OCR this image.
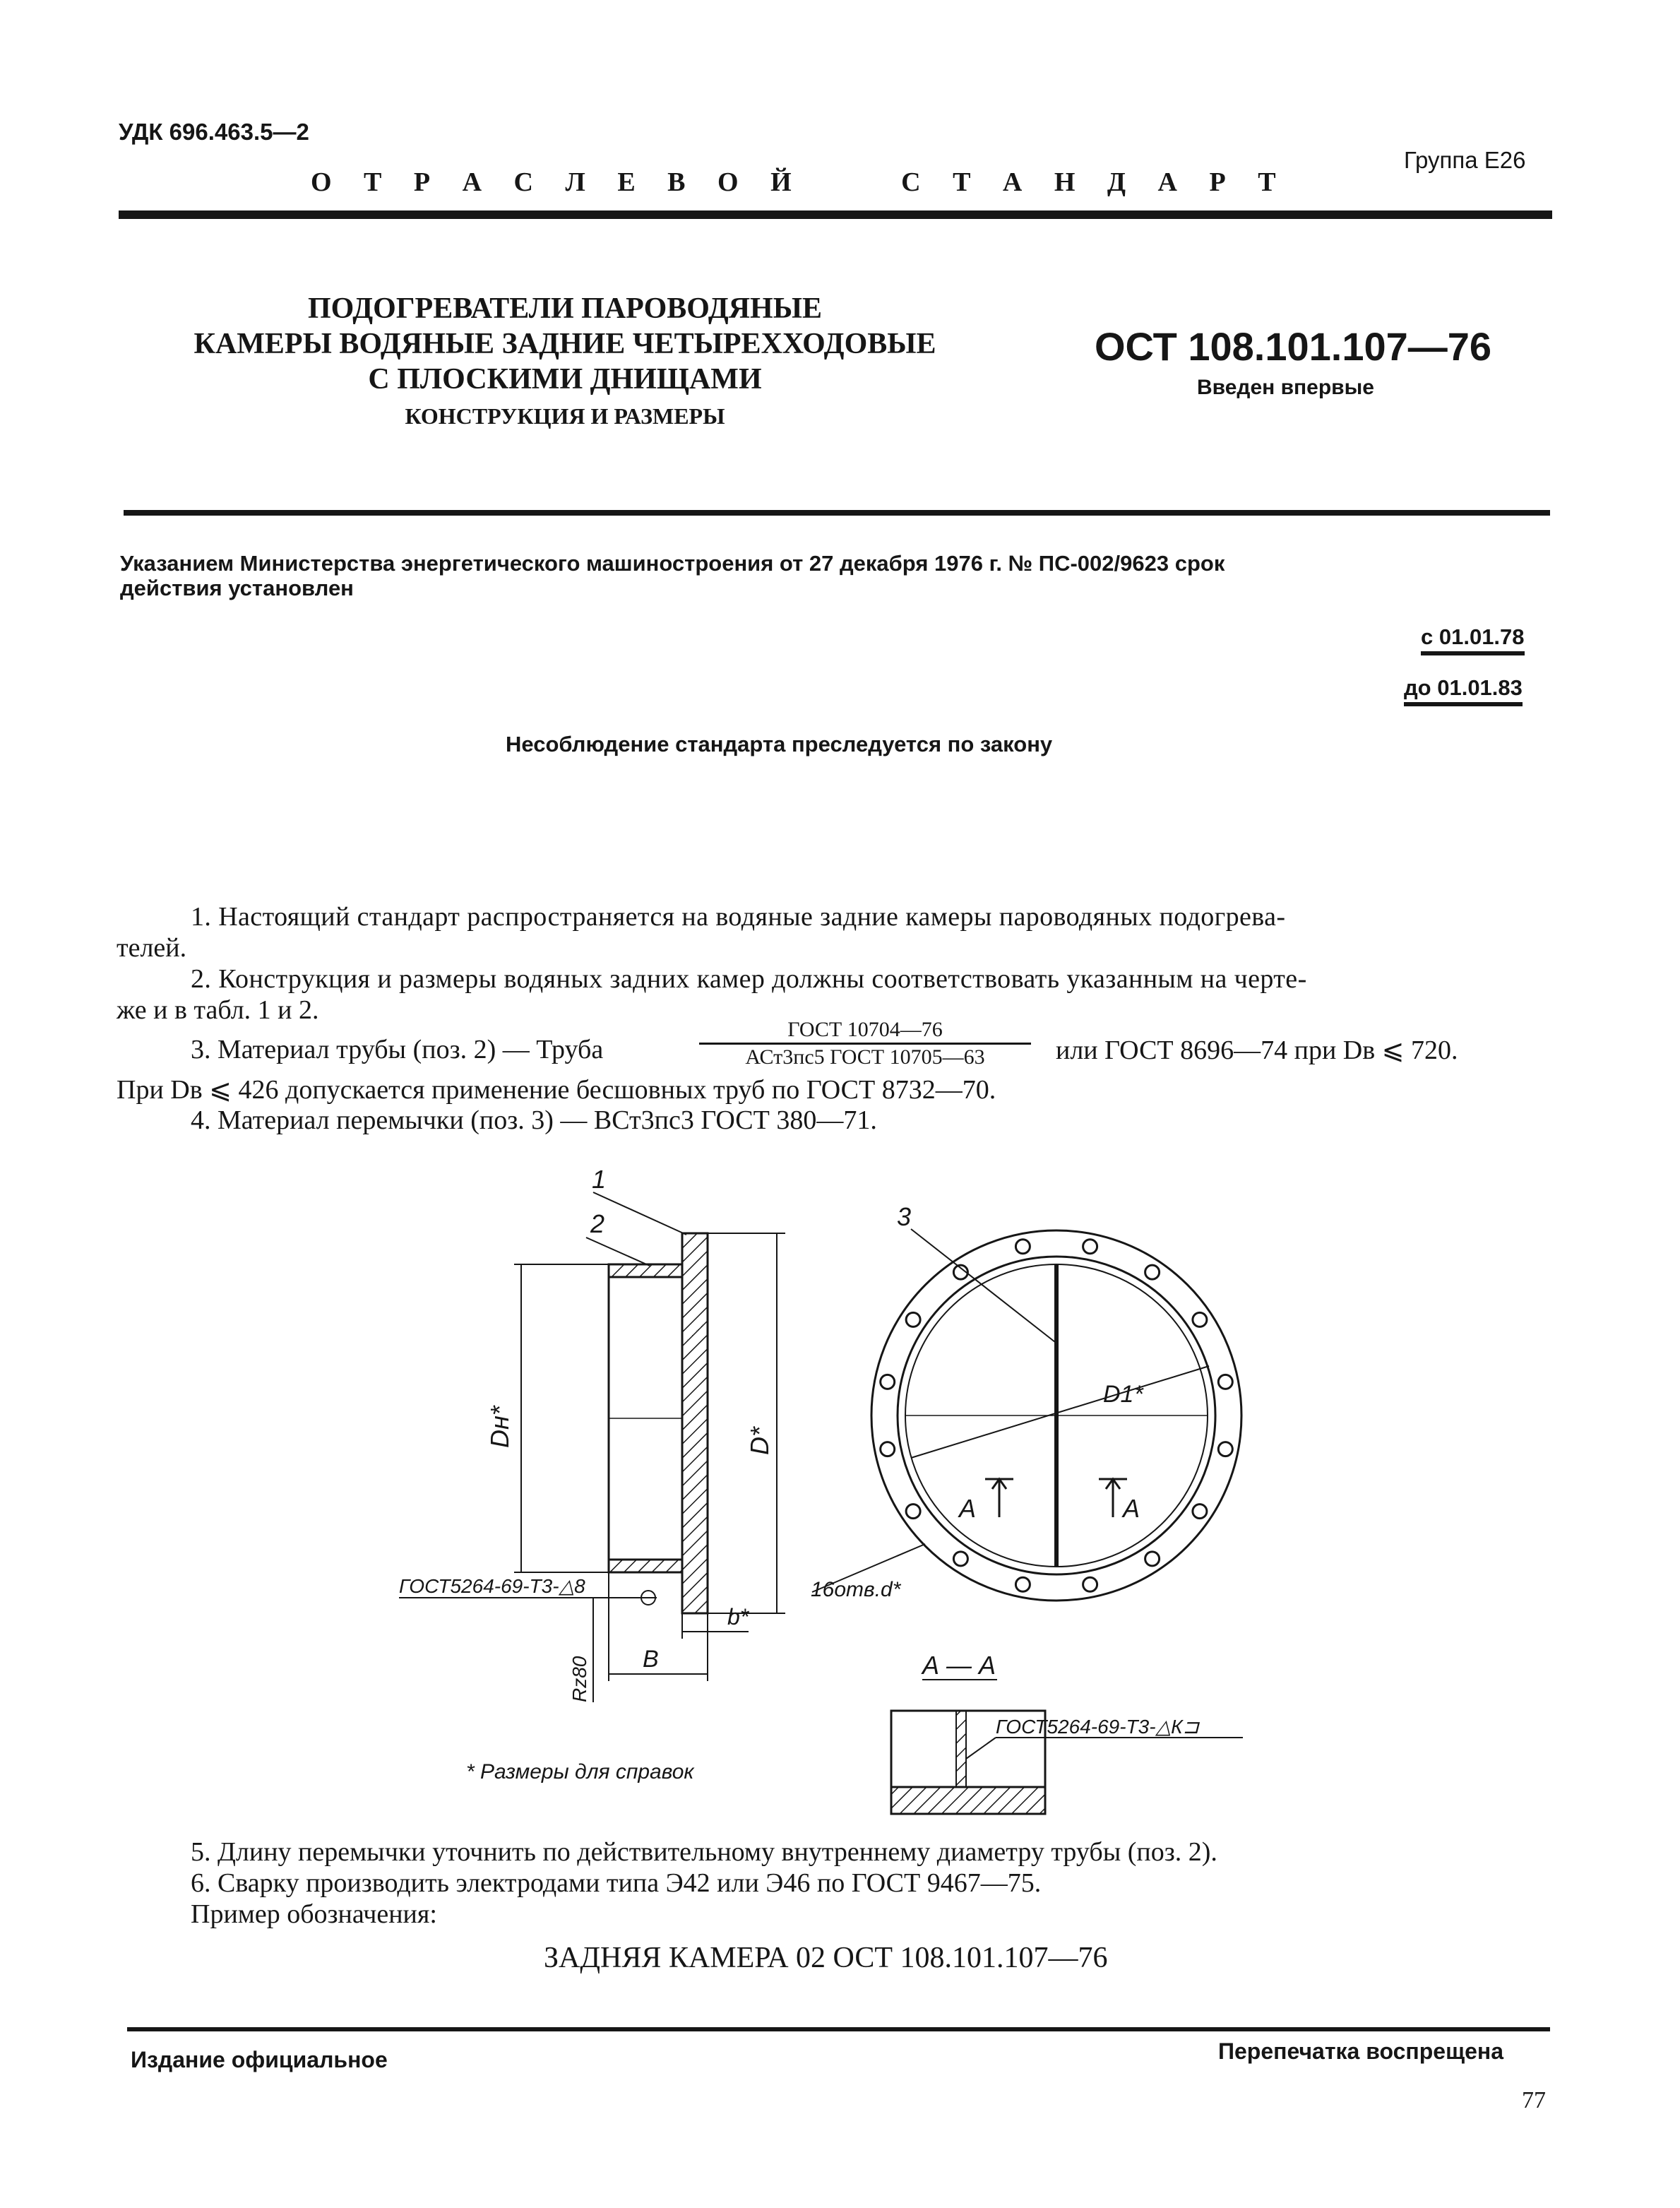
УДК 696.463.5—2
Группа Е26
О Т Р А С Л Е В О Й     С Т А Н Д А Р Т
ПОДОГРЕВАТЕЛИ ПАРОВОДЯНЫЕ
КАМЕРЫ ВОДЯНЫЕ ЗАДНИЕ ЧЕТЫРЕХХОДОВЫЕ
С ПЛОСКИМИ ДНИЩАМИ
КОНСТРУКЦИЯ И РАЗМЕРЫ
ОСТ 108.101.107—76
Введен впервые
Указанием Министерства энергетического машиностроения от 27 декабря 1976 г. № ПС-002/9623 срок
действия установлен
с 01.01.78
до 01.01.83
Несоблюдение стандарта преследуется по закону
1. Настоящий стандарт распространяется на водяные задние камеры пароводяных подогрева-
телей.
2. Конструкция и размеры водяных задних камер должны соответствовать указанным на черте-
же и в табл. 1 и 2.
3. Материал трубы (поз. 2) — Труба
ГОСТ 10704—76
АСт3пс5 ГОСТ 10705—63	или ГОСТ 8696—74 при Dв ⩽ 720.
При Dв ⩽ 426 допускается применение бесшовных труб по ГОСТ 8732—70.
4. Материал перемычки (поз. 3) — ВСт3пс3 ГОСТ 380—71.
1
2
Dн*	D*
В
b*
Rz80
ГОСТ5264-69-Т3-△8
* Размеры для справок
3
D1*
А	А
16отв.d*
А — А
ГОСТ5264-69-Т3-△К⊐
5. Длину перемычки уточнить по действительному внутреннему диаметру трубы (поз. 2).
6. Сварку производить электродами типа Э42 или Э46 по ГОСТ 9467—75.
Пример обозначения:
ЗАДНЯЯ КАМЕРА 02 ОСТ 108.101.107—76
Издание официальное	Перепечатка воспрещена
77
